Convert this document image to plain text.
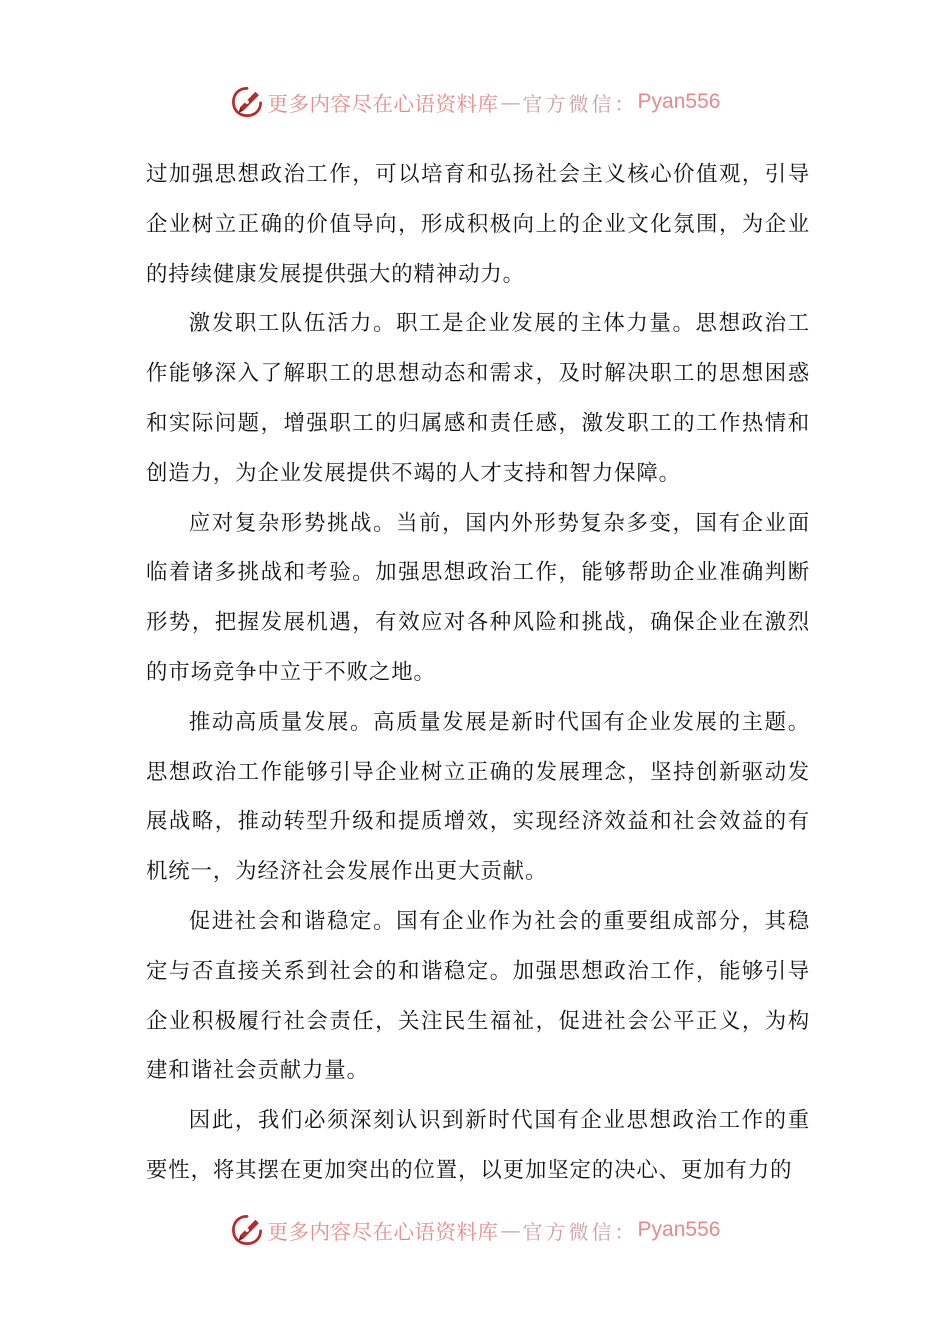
更多内容尽在心语资料库 — 官方微信： Pyan556

过加强思想政治工作，可以培育和弘扬社会主义核心价值观，引导企业树立正确的价值导向，形成积极向上的企业文化氛围，为企业的持续健康发展提供强大的精神动力。

激发职工队伍活力。职工是企业发展的主体力量。思想政治工作能够深入了解职工的思想动态和需求，及时解决职工的思想困惑和实际问题，增强职工的归属感和责任感，激发职工的工作热情和创造力，为企业发展提供不竭的人才支持和智力保障。

应对复杂形势挑战。当前，国内外形势复杂多变，国有企业面临着诸多挑战和考验。加强思想政治工作，能够帮助企业准确判断形势，把握发展机遇，有效应对各种风险和挑战，确保企业在激烈的市场竞争中立于不败之地。

推动高质量发展。高质量发展是新时代国有企业发展的主题。思想政治工作能够引导企业树立正确的发展理念，坚持创新驱动发展战略，推动转型升级和提质增效，实现经济效益和社会效益的有机统一，为经济社会发展作出更大贡献。

促进社会和谐稳定。国有企业作为社会的重要组成部分，其稳定与否直接关系到社会的和谐稳定。加强思想政治工作，能够引导企业积极履行社会责任，关注民生福祉，促进社会公平正义，为构建和谐社会贡献力量。

因此，我们必须深刻认识到新时代国有企业思想政治工作的重要性，将其摆在更加突出的位置，以更加坚定的决心、更加有力的

更多内容尽在心语资料库 — 官方微信： Pyan556
